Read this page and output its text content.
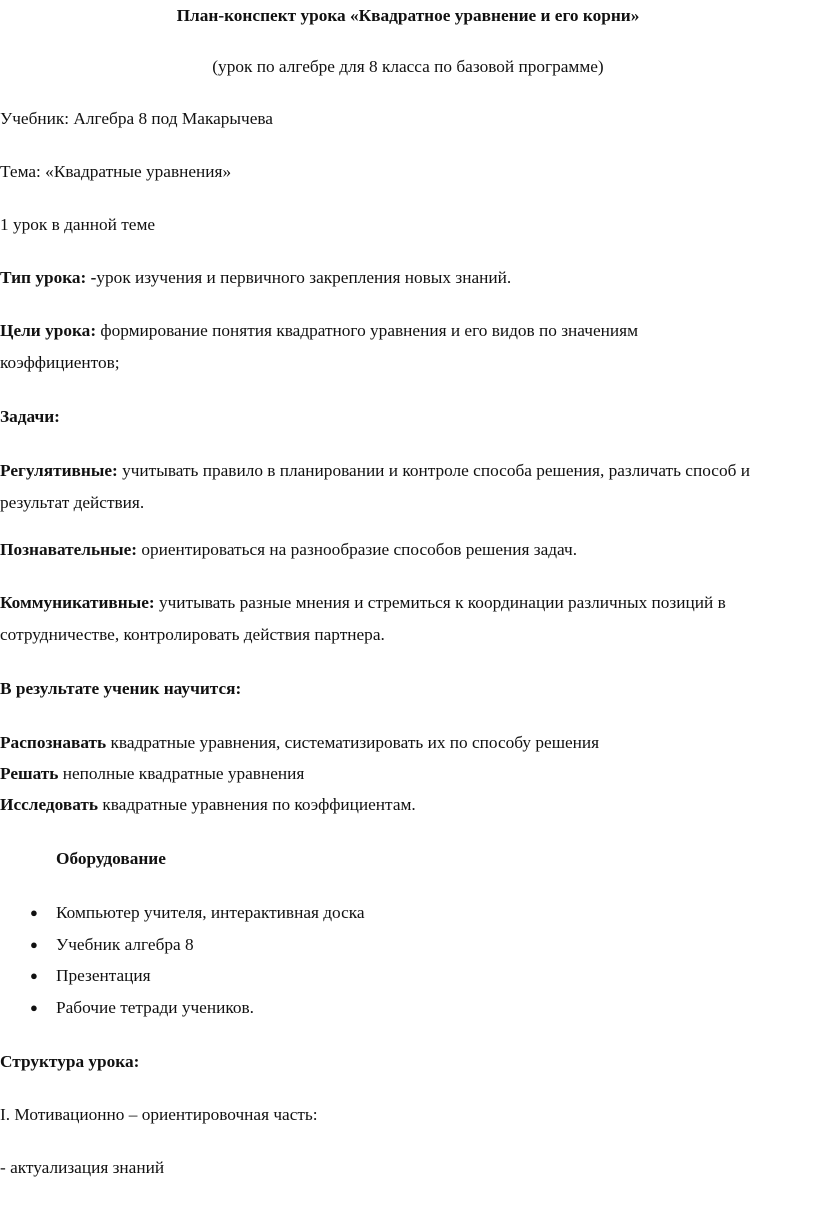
План-конспект урока «Квадратное уравнение и его корни»
(урок по алгебре для 8 класса по базовой программе)
Учебник: Алгебра 8 под Макарычева
Тема: «Квадратные уравнения»
1 урок в данной теме
Тип урока: -урок изучения и первичного закрепления новых знаний.
Цели урока: формирование понятия квадратного уравнения и его видов по значениям
коэффициентов;
Задачи:
Регулятивные: учитывать правило в планировании и контроле способа решения, различать способ и
результат действия.
Познавательные: ориентироваться на разнообразие способов решения задач.
Коммуникативные: учитывать разные мнения и стремиться к координации различных позиций в
сотрудничестве, контролировать действия партнера.
В результате ученик научится:
Распознавать квадратные уравнения, систематизировать их по способу решения
Решать неполные квадратные уравнения
Исследовать квадратные уравнения по коэффициентам.
Оборудование
● Компьютер учителя, интерактивная доска
● Учебник алгебра 8
● Презентация
● Рабочие тетради учеников.
Структура урока:
I. Мотивационно – ориентировочная часть:
- актуализация знаний
